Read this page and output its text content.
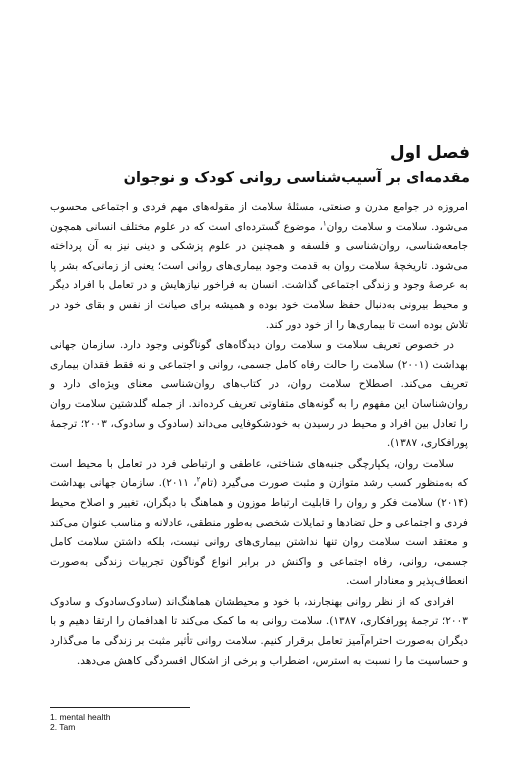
فصل اول
مقدمه‌ای بر آسیب‌شناسی روانی کودک و نوجوان

امروزه در جوامع مدرن و صنعتی، مسئلهٔ سلامت از مقوله‌های مهم فردی و اجتماعی محسوب می‌شود. سلامت و سلامت روان$^۱$، موضوع گسترده‌ای است که در علوم مختلف انسانی همچون جامعه‌شناسی، روان‌شناسی و فلسفه و همچنین در علوم پزشکی و دینی نیز به آن پرداخته می‌شود. تاریخچهٔ سلامت روان به قدمت وجود بیماری‌های روانی است؛ یعنی از زمانی‌که بشر پا به عرصهٔ وجود و زندگی اجتماعی گذاشت. انسان به فراخور نیازهایش و در تعامل با افراد دیگر و محیط بیرونی به‌دنبال حفظ سلامت خود بوده و همیشه برای صیانت از نفس و بقای خود در تلاش بوده است تا بیماری‌ها را از خود دور کند.

در خصوص تعریف سلامت و سلامت روان دیدگاه‌های گوناگونی وجود دارد. سازمان جهانی بهداشت (۲۰۰۱) سلامت را حالت رفاه کامل جسمی، روانی و اجتماعی و نه فقط فقدان بیماری تعریف می‌کند. اصطلاح سلامت روان، در کتاب‌های روان‌شناسی معنای ویژه‌ای دارد و روان‌شناسان این مفهوم را به گونه‌های متفاوتی تعریف کرده‌اند. از جمله گلدشتین سلامت روان را تعادل بین افراد و محیط در رسیدن به خودشکوفایی می‌داند (سادوک و سادوک، ۲۰۰۳؛ ترجمهٔ پورافکاری، ۱۳۸۷).

سلامت روان، یکپارچگی جنبه‌های شناختی، عاطفی و ارتباطی فرد در تعامل با محیط است که به‌منظور کسب رشد متوازن و مثبت صورت می‌گیرد (تام$^۲$، ۲۰۱۱). سازمان جهانی بهداشت (۲۰۱۴) سلامت فکر و روان را قابلیت ارتباط موزون و هماهنگ با دیگران، تغییر و اصلاح محیط فردی و اجتماعی و حل تضادها و تمایلات شخصی به‌طور منطقی، عادلانه و مناسب عنوان می‌کند و معتقد است سلامت روان تنها نداشتن بیماری‌های روانی نیست، بلکه داشتن سلامت کامل جسمی، روانی، رفاه اجتماعی و واکنش در برابر انواع گوناگون تجربیات زندگی به‌صورت انعطاف‌پذیر و معنادار است.

افرادی که از نظر روانی بهنجارند، با خود و محیطشان هماهنگ‌اند (سادوک‌سادوک و سادوک ۲۰۰۳؛ ترجمهٔ پورافکاری، ۱۳۸۷). سلامت روانی به ما کمک می‌کند تا اهدافمان را ارتقا دهیم و با دیگران به‌صورت احترام‌آمیز تعامل برقرار کنیم. سلامت روانی تأثیر مثبت بر زندگی ما می‌گذارد و حساسیت ما را نسبت به استرس، اضطراب و برخی از اشکال افسردگی کاهش می‌دهد.

1. mental health
2. Tam
